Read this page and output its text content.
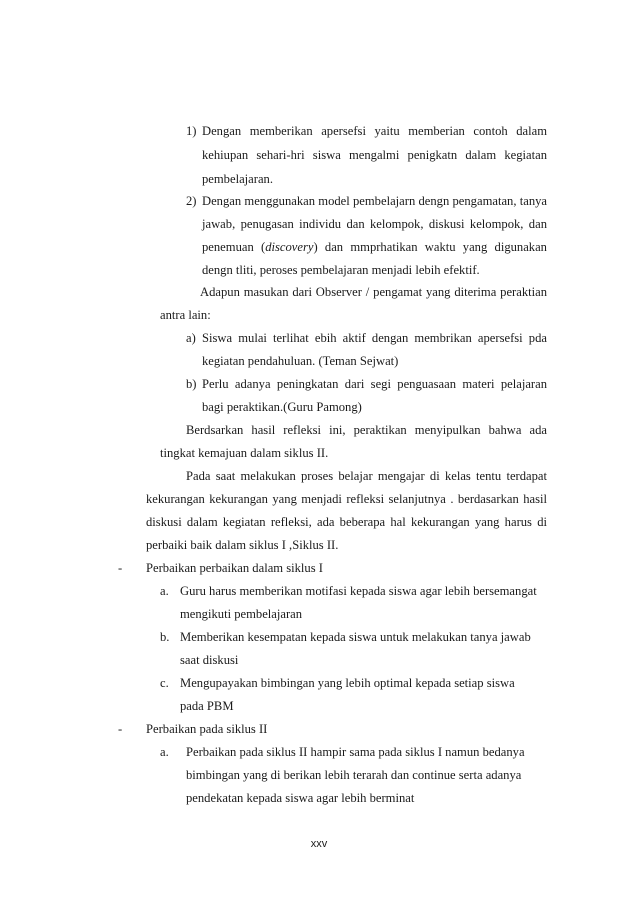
1) Dengan memberikan apersefsi yaitu memberian contoh dalam
kehiupan sehari-hri siswa mengalmi penigkatn dalam kegiatan
pembelajaran.
2) Dengan menggunakan model pembelajarn dengn pengamatan, tanya
jawab, penugasan individu dan kelompok, diskusi kelompok, dan
penemuan (discovery) dan mmprhatikan waktu yang digunakan
dengn tliti, peroses pembelajaran menjadi lebih efektif.
Adapun masukan dari Observer / pengamat yang diterima peraktian
antra lain:
a) Siswa mulai terlihat ebih aktif dengan membrikan apersefsi pda
kegiatan pendahuluan. (Teman Sejwat)
b) Perlu adanya peningkatan dari segi penguasaan materi pelajaran
bagi peraktikan.(Guru Pamong)
Berdsarkan hasil refleksi ini, peraktikan menyipulkan bahwa ada
tingkat kemajuan dalam siklus II.
Pada saat melakukan proses belajar mengajar di kelas tentu terdapat
kekurangan kekurangan yang menjadi refleksi selanjutnya . berdasarkan hasil
diskusi dalam kegiatan refleksi, ada beberapa hal kekurangan yang harus di
perbaiki baik dalam siklus I ,Siklus II.
- Perbaikan perbaikan dalam siklus I
a. Guru harus memberikan motifasi kepada siswa agar lebih bersemangat
mengikuti pembelajaran
b. Memberikan kesempatan kepada siswa untuk melakukan tanya jawab
saat diskusi
c. Mengupayakan bimbingan yang lebih optimal kepada setiap siswa
pada PBM
- Perbaikan pada siklus II
a. Perbaikan pada siklus II hampir sama pada siklus I namun bedanya
bimbingan yang di berikan lebih terarah dan continue serta adanya
pendekatan kepada siswa agar lebih berminat
xxv
